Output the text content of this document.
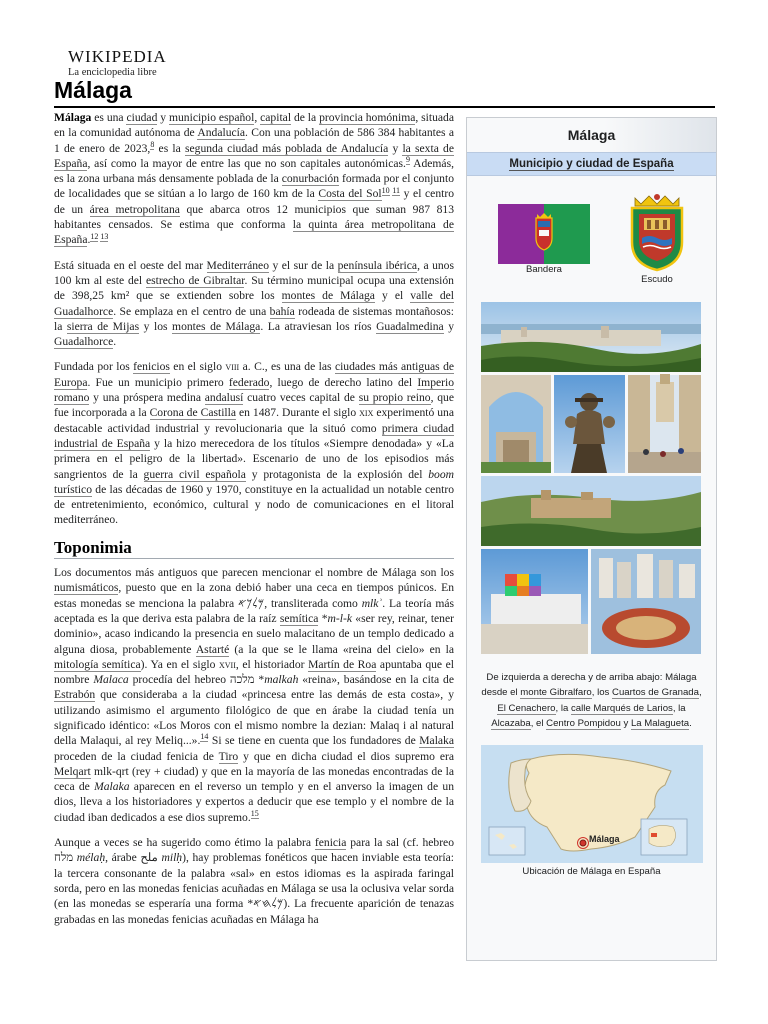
WIKIPEDIA
La enciclopedia libre
Málaga

Málaga es una ciudad y municipio español, capital de la provincia homónima, situada en la comunidad autónoma de Andalucía. Con una población de 586 384 habitantes a 1 de enero de 2023,$^8$ es la segunda ciudad más poblada de Andalucía y la sexta de España, así como la mayor de entre las que no son capitales autonómicas.$^9$ Además, es la zona urbana más densamente poblada de la conurbación formada por el conjunto de localidades que se sitúan a lo largo de 160 km de la Costa del Sol$^{10 11}$ y el centro de un área metropolitana que abarca otros 12 municipios que suman 987 813 habitantes censados. Se estima que conforma la quinta área metropolitana de España.$^{12 13}$

Está situada en el oeste del mar Mediterráneo y el sur de la península ibérica, a unos 100 km al este del estrecho de Gibraltar. Su término municipal ocupa una extensión de 398,25 km² que se extienden sobre los montes de Málaga y el valle del Guadalhorce. Se emplaza en el centro de una bahía rodeada de sistemas montañosos: la sierra de Mijas y los montes de Málaga. La atraviesan los ríos Guadalmedina y Guadalhorce.

Fundada por los fenicios en el siglo viii a. C., es una de las ciudades más antiguas de Europa. Fue un municipio primero federado, luego de derecho latino del Imperio romano y una próspera medina andalusí cuatro veces capital de su propio reino, que fue incorporada a la Corona de Castilla en 1487. Durante el siglo xix experimentó una destacable actividad industrial y revolucionaria que la situó como primera ciudad industrial de España y la hizo merecedora de los títulos «Siempre denodada» y «La primera en el peligro de la libertad». Escenario de uno de los episodios más sangrientos de la guerra civil española y protagonista de la explosión del boom turístico de las décadas de 1960 y 1970, constituye en la actualidad un notable centro de entretenimiento, económico, cultural y nodo de comunicaciones en el litoral mediterráneo.

Toponimia

Los documentos más antiguos que parecen mencionar el nombre de Málaga son los numismáticos, puesto que en la zona debió haber una ceca en tiempos púnicos. En estas monedas se menciona la palabra 𐤌𐤋𐤊𐤀, transliterada como mlkʾ. La teoría más aceptada es la que deriva esta palabra de la raíz semítica *m-l-k «ser rey, reinar, tener dominio», acaso indicando la presencia en suelo malacitano de un templo dedicado a alguna diosa, probablemente Astarté (a la que se le llama «reina del cielo» en la mitología semítica). Ya en el siglo xvii, el historiador Martín de Roa apuntaba que el nombre Malaca procedía del hebreo מלכה *malkah «reina», basándose en la cita de Estrabón que consideraba a la ciudad «princesa entre las demás de esta costa», y utilizando asimismo el argumento filológico de que en árabe la ciudad tenía un significado idéntico: «Los Moros con el mismo nombre la dezian: Malaq i al natural della Malaqui, al rey Meliq...».$^{14}$ Si se tiene en cuenta que los fundadores de Malaka proceden de la ciudad fenicia de Tiro y que en dicha ciudad el dios supremo era Melqart mlk-qrt (rey + ciudad) y que en la mayoría de las monedas encontradas de la ceca de Malaka aparecen en el reverso un templo y en el anverso la imagen de un dios, lleva a los historiadores y expertos a deducir que ese templo y el nombre de la ciudad iban dedicados a ese dios supremo.$^{15}$

Aunque a veces se ha sugerido como étimo la palabra fenicia para la sal (cf. hebreo מלח mélaḥ, árabe ملح milḥ), hay problemas fonéticos que hacen inviable esta teoría: la tercera consonante de la palabra «sal» en estos idiomas es la aspirada faringal sorda, pero en las monedas fenicias acuñadas en Málaga se usa la oclusiva velar sorda (en las monedas se esperaría una forma *𐤌𐤋𐤇𐤀). La frecuente aparición de tenazas grabadas en las monedas fenicias acuñadas en Málaga ha

Málaga
Municipio y ciudad de España
Bandera
Escudo
De izquierda a derecha y de arriba abajo: Málaga desde el monte Gibralfaro, los Cuartos de Granada, El Cenachero, la calle Marqués de Larios, la Alcazaba, el Centro Pompidou y La Malagueta.
Málaga
Ubicación de Málaga en España
